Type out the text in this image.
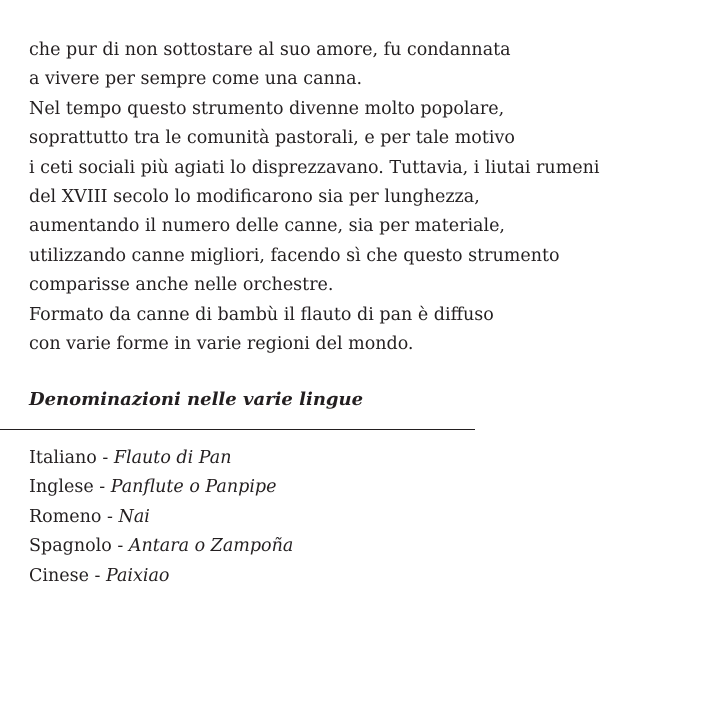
che pur di non sottostare al suo amore, fu condannata
a vivere per sempre come una canna.
Nel tempo questo strumento divenne molto popolare,
soprattutto tra le comunità pastorali, e per tale motivo
i ceti sociali più agiati lo disprezzavano. Tuttavia, i liutai rumeni
del XVIII secolo lo modificarono sia per lunghezza,
aumentando il numero delle canne, sia per materiale,
utilizzando canne migliori, facendo sì che questo strumento
comparisse anche nelle orchestre.
Formato da canne di bambù il flauto di pan è diffuso
con varie forme in varie regioni del mondo.
Denominazioni nelle varie lingue
Italiano - Flauto di Pan
Inglese - Panflute o Panpipe
Romeno - Nai
Spagnolo - Antara o Zampoña
Cinese - Paixiao
